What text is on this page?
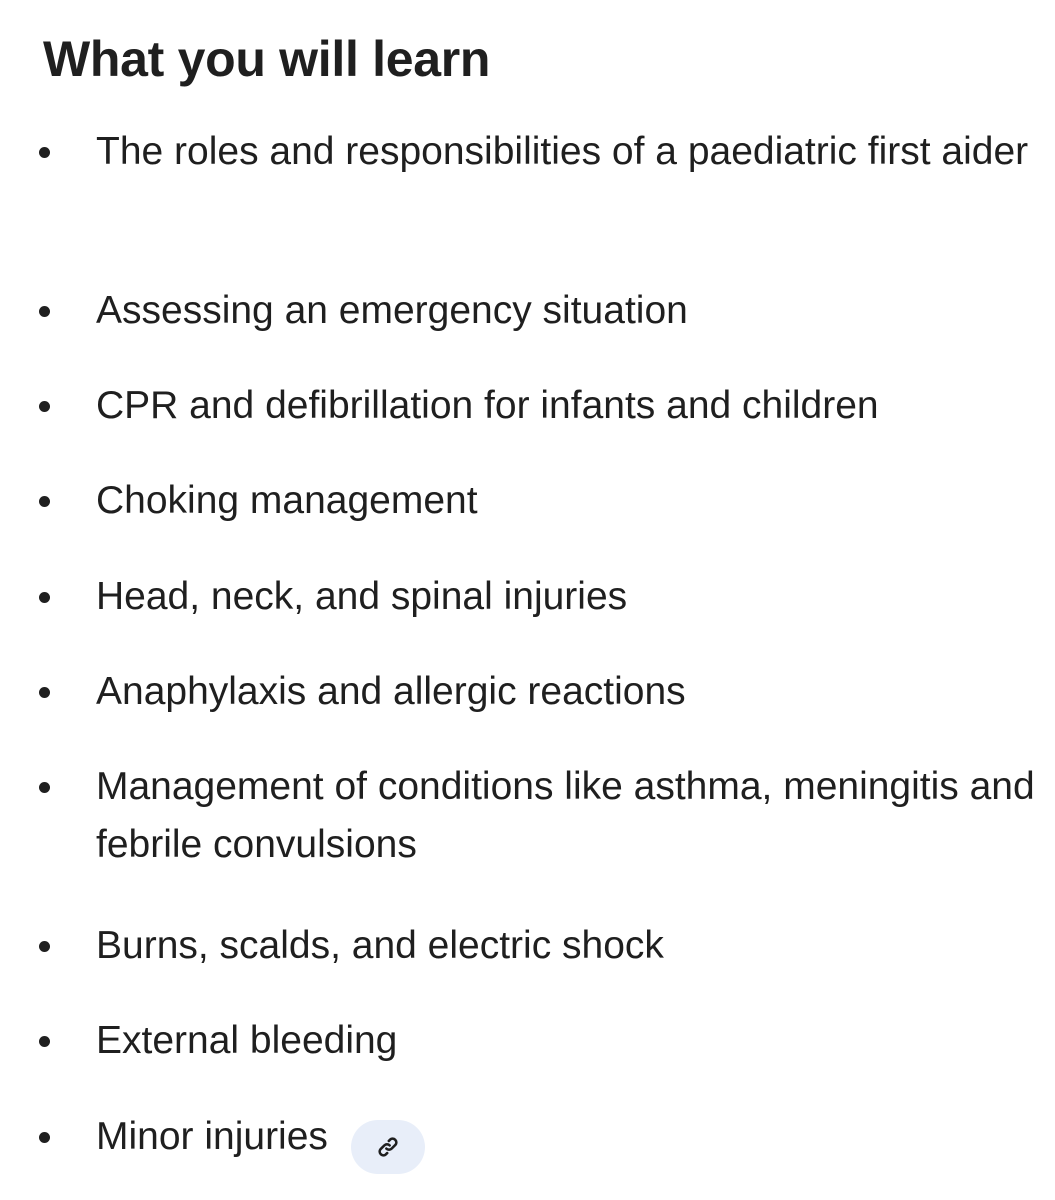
What you will learn
The roles and responsibilities of a paediatric first aider
Assessing an emergency situation
CPR and defibrillation for infants and children
Choking management
Head, neck, and spinal injuries
Anaphylaxis and allergic reactions
Management of conditions like asthma, meningitis and febrile convulsions
Burns, scalds, and electric shock
External bleeding
Minor injuries
